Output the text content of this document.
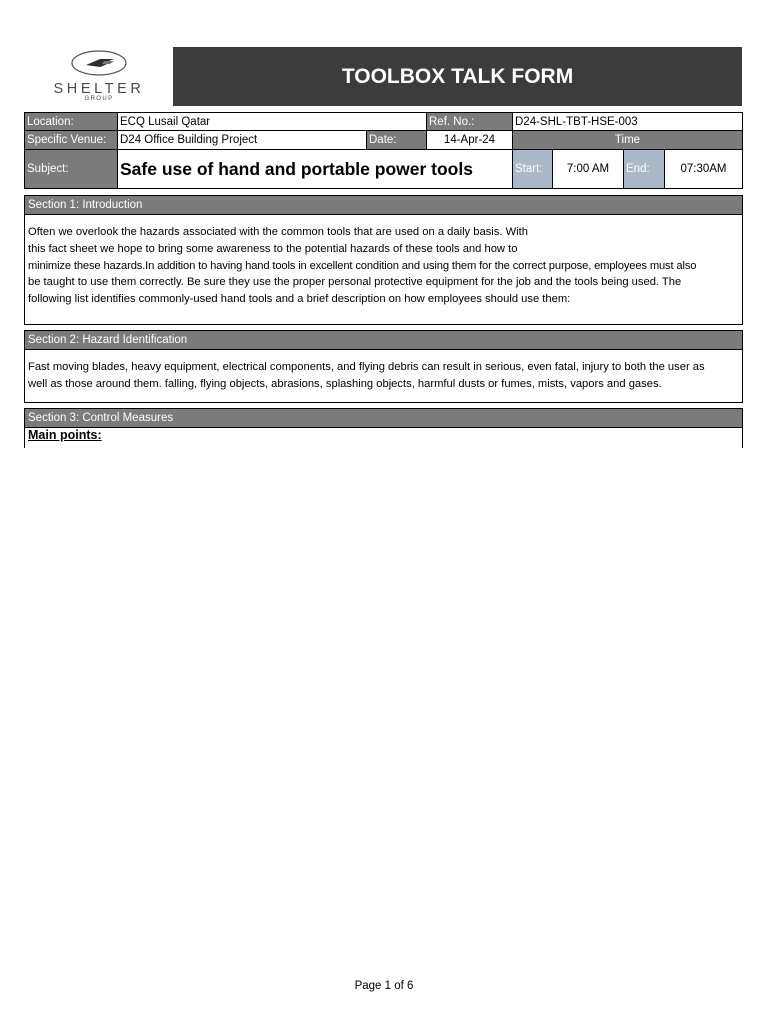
SHELTER
GROUP
TOOLBOX TALK FORM
Location:	ECQ Lusail Qatar	Ref. No.:	D24-SHL-TBT-HSE-003
Specific Venue:	D24 Office Building Project	Date:	14-Apr-24	Time
Subject:	Safe use of hand and portable power tools	Start:	7:00 AM	End:	07:30AM
Section 1: Introduction
Often we overlook the hazards associated with the common tools that are used on a daily basis. With
this fact sheet we hope to bring some awareness to the potential hazards of these tools and how to
minimize these hazards.In addition to having hand tools in excellent condition and using them for the correct purpose, employees must also
be taught to use them correctly. Be sure they use the proper personal protective equipment for the job and the tools being used. The
following list identifies commonly-used hand tools and a brief description on how employees should use them:
Section 2: Hazard Identification
Fast moving blades, heavy equipment, electrical components, and flying debris can result in serious, even fatal, injury to both the user as
well as those around them. falling, flying objects, abrasions, splashing objects, harmful dusts or fumes, mists, vapors and gases.
Section 3: Control Measures
Main points:
Page 1 of 6
